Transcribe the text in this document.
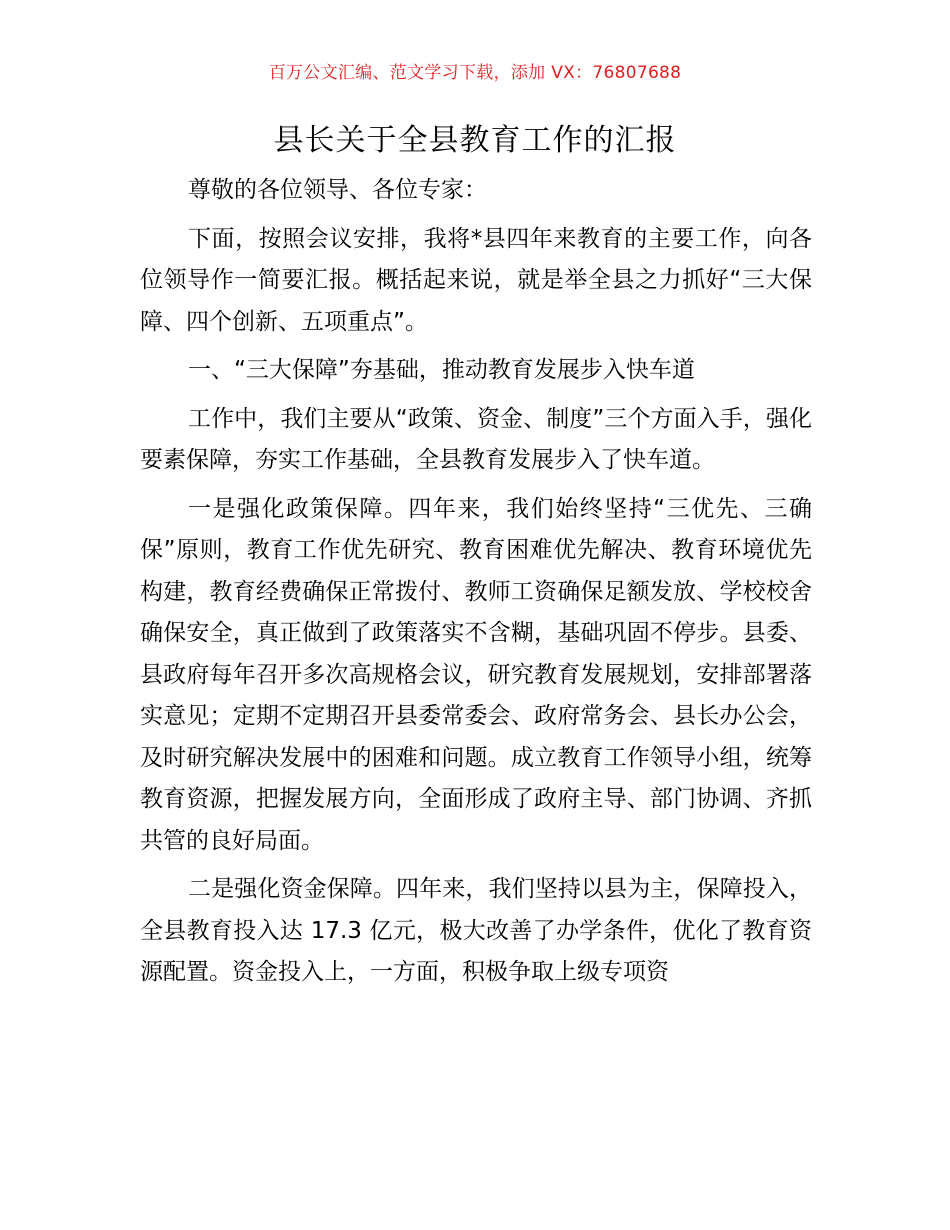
百万公文汇编、范文学习下载，添加 VX：76807688
县长关于全县教育工作的汇报

尊敬的各位领导、各位专家：

下面，按照会议安排，我将*县四年来教育的主要工作，向各位领导作一简要汇报。概括起来说，就是举全县之力抓好“三大保障、四个创新、五项重点”。

一、“三大保障”夯基础，推动教育发展步入快车道

工作中，我们主要从“政策、资金、制度”三个方面入手，强化要素保障，夯实工作基础，全县教育发展步入了快车道。

一是强化政策保障。四年来，我们始终坚持“三优先、三确保”原则，教育工作优先研究、教育困难优先解决、教育环境优先构建，教育经费确保正常拨付、教师工资确保足额发放、学校校舍确保安全，真正做到了政策落实不含糊，基础巩固不停步。县委、县政府每年召开多次高规格会议，研究教育发展规划，安排部署落实意见；定期不定期召开县委常委会、政府常务会、县长办公会，及时研究解决发展中的困难和问题。成立教育工作领导小组，统筹教育资源，把握发展方向，全面形成了政府主导、部门协调、齐抓共管的良好局面。

二是强化资金保障。四年来，我们坚持以县为主，保障投入，全县教育投入达 17.3 亿元，极大改善了办学条件，优化了教育资源配置。资金投入上，一方面，积极争取上级专项资
